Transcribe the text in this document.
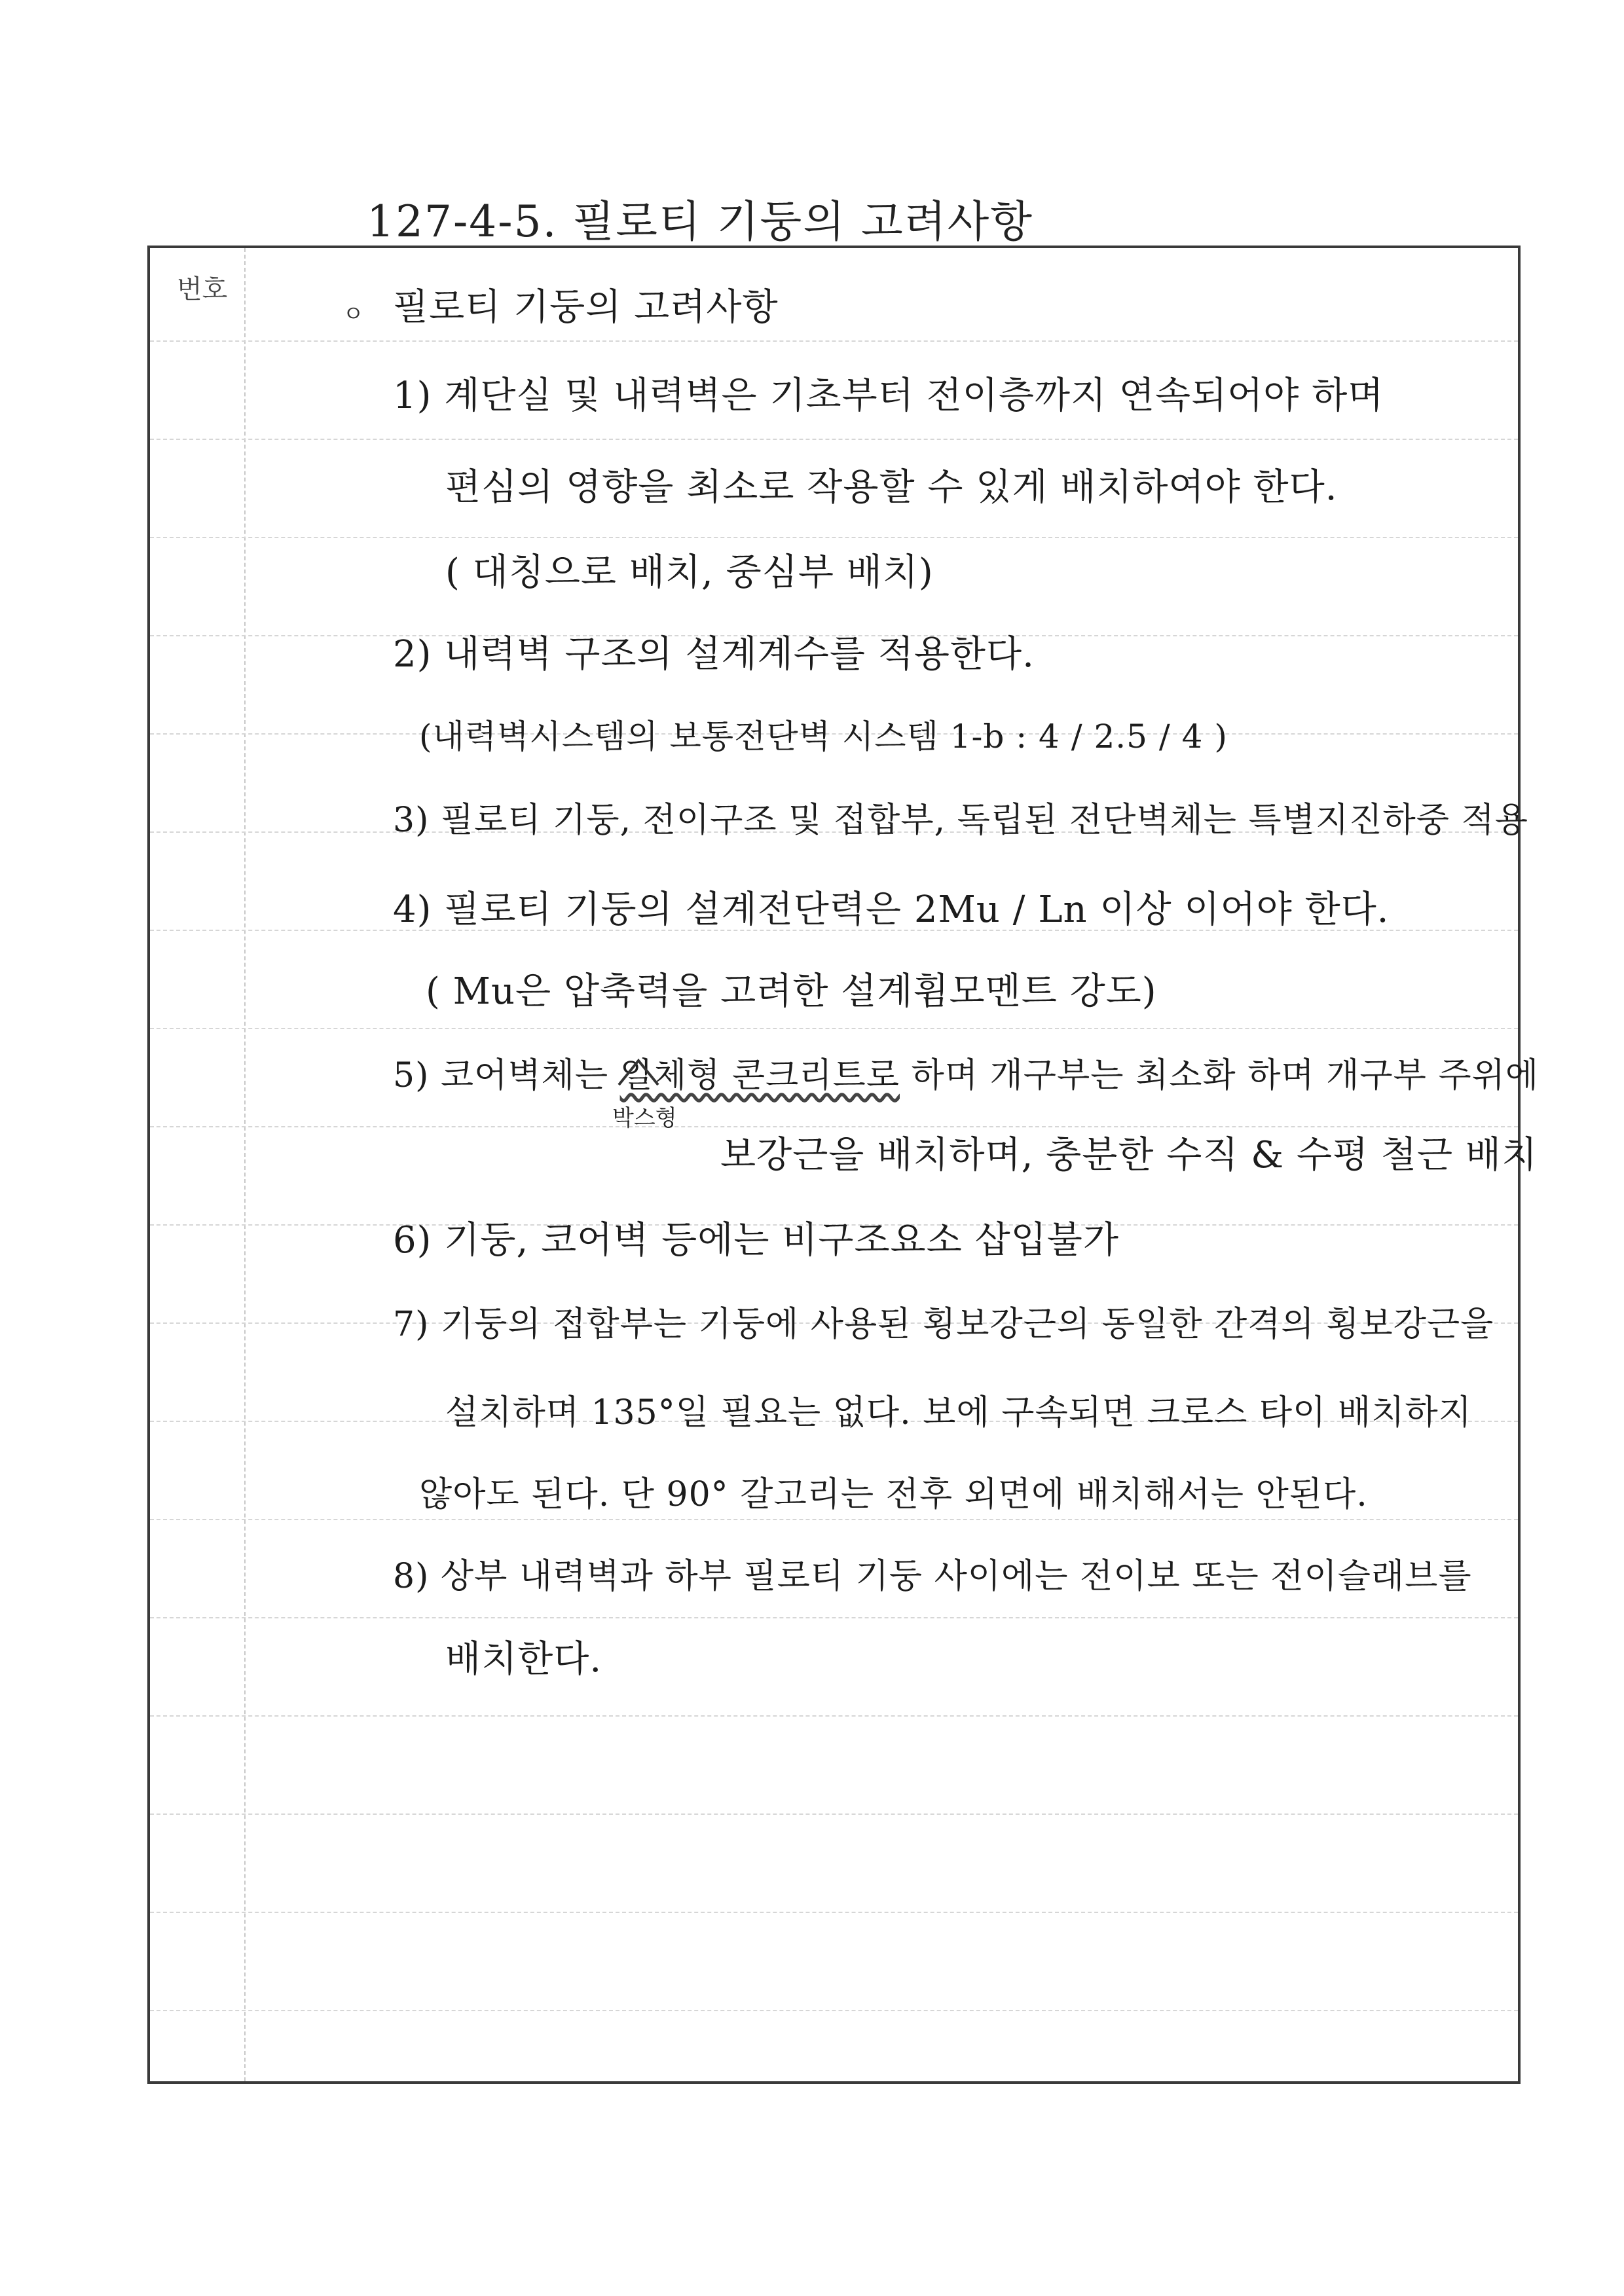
127-4-5. 필로티 기둥의 고려사항
번호
ㅇ 필로티 기둥의 고려사항
1) 계단실 및 내력벽은 기초부터 전이층까지 연속되어야 하며
편심의 영향을 최소로 작용할 수 있게 배치하여야 한다.
( 대칭으로 배치, 중심부 배치)
2) 내력벽 구조의 설계계수를 적용한다.
(내력벽시스템의 보통전단벽 시스템 1-b : 4 / 2.5 / 4 )
3) 필로티 기둥, 전이구조 및 접합부, 독립된 전단벽체는 특별지진하중 적용
4) 필로티 기둥의 설계전단력은 2Mu / Ln 이상 이어야 한다.
( Mu은 압축력을 고려한 설계휨모멘트 강도)
5) 코어벽체는 일체형 콘크리트로 하며 개구부는 최소화 하며 개구부 주위에
박스형
보강근을 배치하며, 충분한 수직 & 수평 철근 배치
6) 기둥, 코어벽 등에는 비구조요소 삽입불가
7) 기둥의 접합부는 기둥에 사용된 횡보강근의 동일한 간격의 횡보강근을
설치하며 135°일 필요는 없다. 보에 구속되면 크로스 타이 배치하지
않아도 된다. 단 90° 갈고리는 전후 외면에 배치해서는 안된다.
8) 상부 내력벽과 하부 필로티 기둥 사이에는 전이보 또는 전이슬래브를
배치한다.
